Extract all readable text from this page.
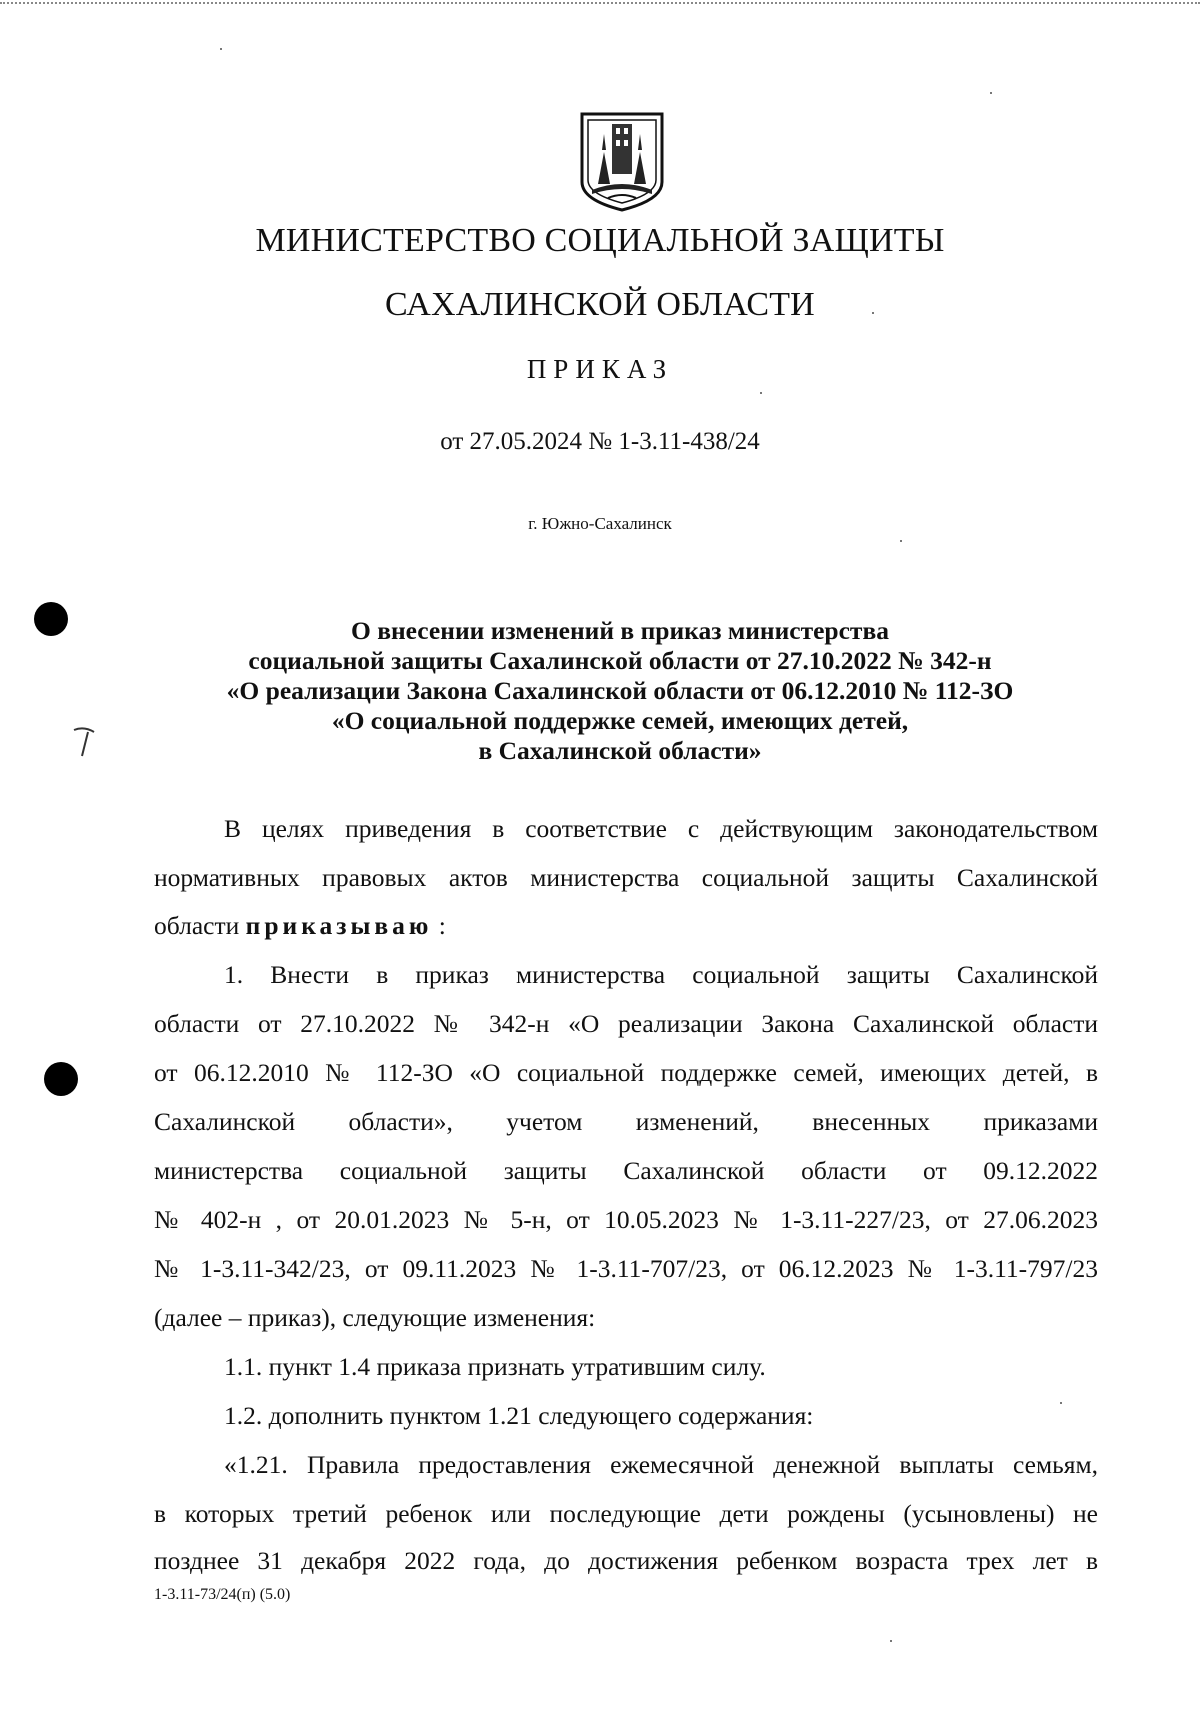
МИНИСТЕРСТВО СОЦИАЛЬНОЙ ЗАЩИТЫ
САХАЛИНСКОЙ ОБЛАСТИ
ПРИКАЗ
от 27.05.2024 № 1-3.11-438/24
г. Южно-Сахалинск
О внесении изменений в приказ министерства
социальной защиты Сахалинской области от 27.10.2022 № 342-н
«О реализации Закона Сахалинской области от 06.12.2010 № 112-ЗО
«О социальной поддержке семей, имеющих детей,
в Сахалинской области»
В целях приведения в соответствие с действующим законодательством
нормативных правовых актов министерства социальной защиты Сахалинской
области приказываю :
1. Внести в приказ министерства социальной защиты Сахалинской
области от 27.10.2022 № 342-н «О реализации Закона Сахалинской области
от 06.12.2010 № 112-ЗО «О социальной поддержке семей, имеющих детей, в
Сахалинской области», учетом изменений, внесенных приказами
министерства социальной защиты Сахалинской области от 09.12.2022
№ 402-н , от 20.01.2023 № 5-н, от 10.05.2023 № 1-3.11-227/23, от 27.06.2023
№ 1-3.11-342/23, от 09.11.2023 № 1-3.11-707/23, от 06.12.2023 № 1-3.11-797/23
(далее – приказ), следующие изменения:
1.1. пункт 1.4 приказа признать утратившим силу.
1.2. дополнить пунктом 1.21 следующего содержания:
«1.21. Правила предоставления ежемесячной денежной выплаты семьям,
в которых третий ребенок или последующие дети рождены (усыновлены) не
позднее 31 декабря 2022 года, до достижения ребенком возраста трех лет в
1-3.11-73/24(п) (5.0)
